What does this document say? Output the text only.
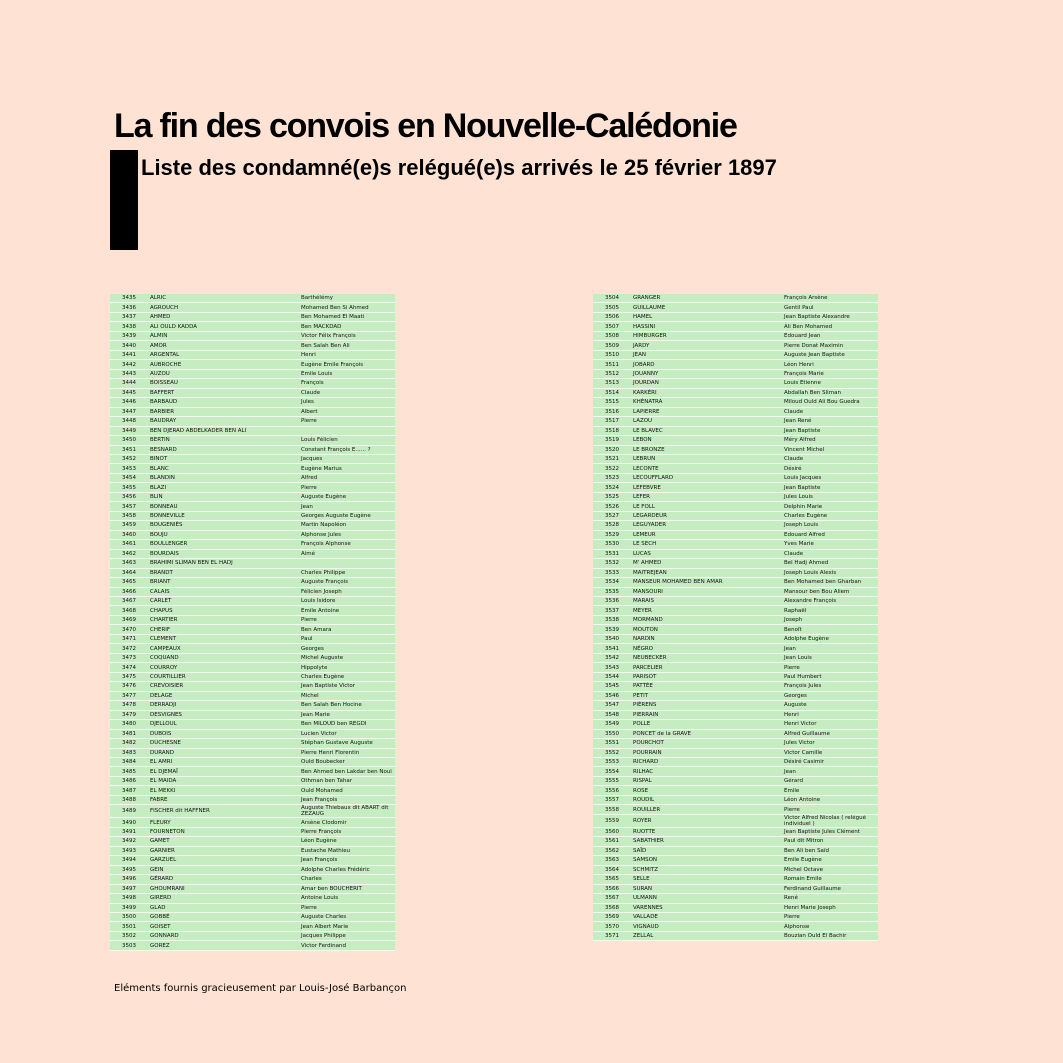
La fin des convois en Nouvelle-Calédonie
Liste des condamné(e)s relégué(e)s arrivés le 25 février 1897
3435	ALRIC	Barthélémy
3436	AGROUCH	Mohamed Ben Si Ahmed
3437	AHMED	Ben Mohamed El Maati
3438	ALI OULD KADDA	Ben MACKDAD
3439	ALMIN	Victor Félix François
3440	AMOR	Ben Salah Ben Ali
3441	ARGENTAL	Henri
3442	AUBROCHE	Eugène Emile François
3443	AUZOU	Emile Louis
3444	BOISSEAU	François
3445	BAFFERT	Claude
3446	BARBAUD	Jules
3447	BARBIER	Albert
3448	BAUDRAY	Pierre
3449	BEN DJERAD ABDELKADER BEN ALI	
3450	BERTIN	Louis Félicien
3451	BESNARD	Constant François E...... ?
3452	BINOT	Jacques
3453	BLANC	Eugène Marius
3454	BLANDIN	Alfred
3455	BLAZI	Pierre
3456	BLIN	Auguste Eugène
3457	BONNEAU	Jean
3458	BONNEVILLE	Georges Auguste Eugène
3459	BOUGENIÈS	Martin Napoléon
3460	BOUJU	Alphonse Jules
3461	BOULLENGER	François Alphonse
3462	BOURDAIS	Aimé
3463	BRAHIMI SLIMAN BEN EL HADJ	
3464	BRANDT	Charles Philippe
3465	BRIANT	Auguste François
3466	CALAIS	Félicien Joseph
3467	CARLET	Louis Isidore
3468	CHAPUS	Emile Antoine
3469	CHARTIER	Pierre
3470	CHERIF	Ben Amara
3471	CLEMENT	Paul
3472	CAMPEAUX	Georges
3473	COQUAND	Michel Auguste
3474	COURROY	Hippolyte
3475	COURTILLIER	Charles Eugène
3476	CREVOISIER	Jean Baptiste Victor
3477	DELAGE	Michel
3478	DERRADJI	Ben Salah Ben Hocine
3479	DESVIGNES	Jean Marie
3480	DJELLOUL	Ben MILOUD ben REGDI
3481	DUBOIS	Lucien Victor
3482	DUCHESNE	Stéphan Gustave Auguste
3483	DURAND	Pierre Henri Florentin
3484	EL AMRI	Ould Boubecker
3485	EL DJEMAÏ	Ben Ahmed ben Lakdar ben Noui
3486	EL MAIDA	Othman ben Tahar
3487	EL MEKKI	Ould Mohamed
3488	FABRE	Jean François
3489	FISCHER dit HAFFNER	Auguste Thiebaux dit ABART dit ZEZAUG
3490	FLEURY	Arsène Clodomir
3491	FOURNETON	Pierre François
3492	GAMET	Léon Eugène
3493	GARNIER	Eustache Mathieu
3494	GARZUEL	Jean François
3495	GEIN	Adolphe Charles Frédéric
3496	GÉRARD	Charles
3497	GHOUMRANI	Amar ben BOUCHERIT
3498	GIRERD	Antoine Louis
3499	GLAD	Pierre
3500	GOBBÉ	Auguste Charles
3501	GOISET	Jean Albert Marie
3502	GONNARD	Jacques Philippe
3503	GOREZ	Victor Ferdinand
3504	GRANGER	François Arsène
3505	GUILLAUME	Gentil Paul
3506	HAMEL	Jean Baptiste Alexandre
3507	HASSINI	Ali Ben Mohamed
3508	HIMBURGER	Edouard Jean
3509	JARDY	Pierre Donat Maximin
3510	JEAN	Auguste Jean Baptiste
3511	JOBARD	Léon Henri
3512	JOUANNY	François Marie
3513	JOURDAN	Louis Etienne
3514	KARKÉRI	Abdallah Ben Sliman
3515	KHÉNATRA	Miloud Ould Ali Bou Guedra
3516	LAPIERRE	Claude
3517	LAZOU	Jean René
3518	LE BLAVEC	Jean Baptiste
3519	LEBON	Méry Alfred
3520	LE BRONZE	Vincent Michel
3521	LEBRUN	Claude
3522	LECONTE	Désiré
3523	LECOUFFLARD	Louis Jacques
3524	LEFEBVRE	Jean Baptiste
3525	LEFER	Jules Louis
3526	LE FOLL	Delphin Marie
3527	LEGARDEUR	Charles Eugène
3528	LEGUYADER	Joseph Louis
3529	LEMEUR	Edouard Alfred
3530	LE SECH	Yves Marie
3531	LUCAS	Claude
3532	M' AHMED	Bel Hadj Ahmed
3533	MAITREJEAN	Joseph Louis Alexis
3534	MANSEUR MOHAMED BEN AMAR	Ben Mohamed ben Gharban
3535	MANSOURI	Mansour ben Bou Aliem
3536	MARAIS	Alexandre François
3537	MEYER	Raphaël
3538	MORMAND	Joseph
3539	MOUTON	Benoît
3540	NARDIN	Adolphe Eugène
3541	NÉGRO	Jean
3542	NEUBECKER	Jean Louis
3543	PARCELIER	Pierre
3544	PARISOT	Paul Humbert
3545	PATTÉE	François Jules
3546	PETIT	Georges
3547	PIÉRENS	Auguste
3548	PIERRAIN	Henri
3549	POLLE	Henri Victor
3550	PONCET de la GRAVE	Alfred Guillaume
3551	POURCHOT	Jules Victor
3552	POURRAIN	Victor Camille
3553	RICHARD	Désiré Casimir
3554	RILHAC	Jean
3555	RISPAL	Gérard
3556	ROSE	Emile
3557	ROUDIL	Léon Antoine
3558	ROUILLER	Pierre
3559	ROYER	Victor Alfred Nicolas ( relégué individuel )
3560	RUOTTE	Jean Baptiste Jules Clément
3561	SABATHIER	Paul dit Mitron
3562	SAÏD	Ben Ali ben Saïd
3563	SAMSON	Emile Eugène
3564	SCHMITZ	Michel Octave
3565	SELLE	Romain Emile
3566	SURAN	Ferdinand Guillaume
3567	ULMANN	René
3568	VARENNES	Henri Marie Joseph
3569	VALLADE	Pierre
3570	VIGNAUD	Alphonse
3571	ZELLAL	Bouzian Ould El Bachir

Eléments fournis gracieusement par Louis-José Barbançon
